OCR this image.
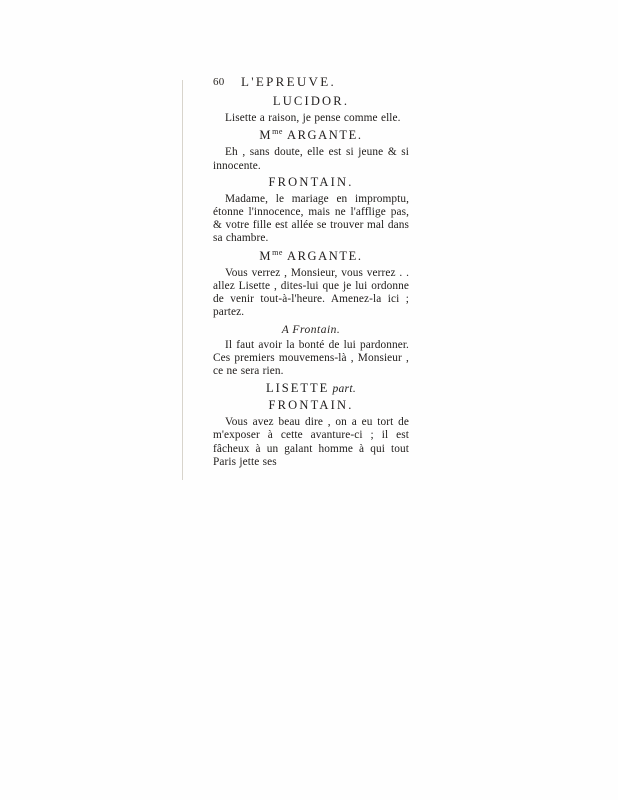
60 L'EPREUVE.
LUCIDOR.

Lisette a raison, je pense comme elle.

$M^{me}$ ARGANTE.

Eh , sans doute, elle est si jeune & si innocente.

FRONTAIN.

Madame, le mariage en impromptu, étonne l'innocence, mais ne l'afflige pas, & votre fille est allée se trouver mal dans sa chambre.

$M^{me}$ ARGANTE.

Vous verrez , Monsieur, vous verrez . . allez Lisette , dites-lui que je lui ordonne de venir tout-à-l'heure. Amenez-la ici ; partez.

A Frontain.

Il faut avoir la bonté de lui pardonner. Ces premiers mouvemens-là , Monsieur , ce ne sera rien.

LISETTE part.
FRONTAIN.

Vous avez beau dire , on a eu tort de m'exposer à cette avanture-ci ; il est fâcheux à un galant homme à qui tout Paris jette ses
